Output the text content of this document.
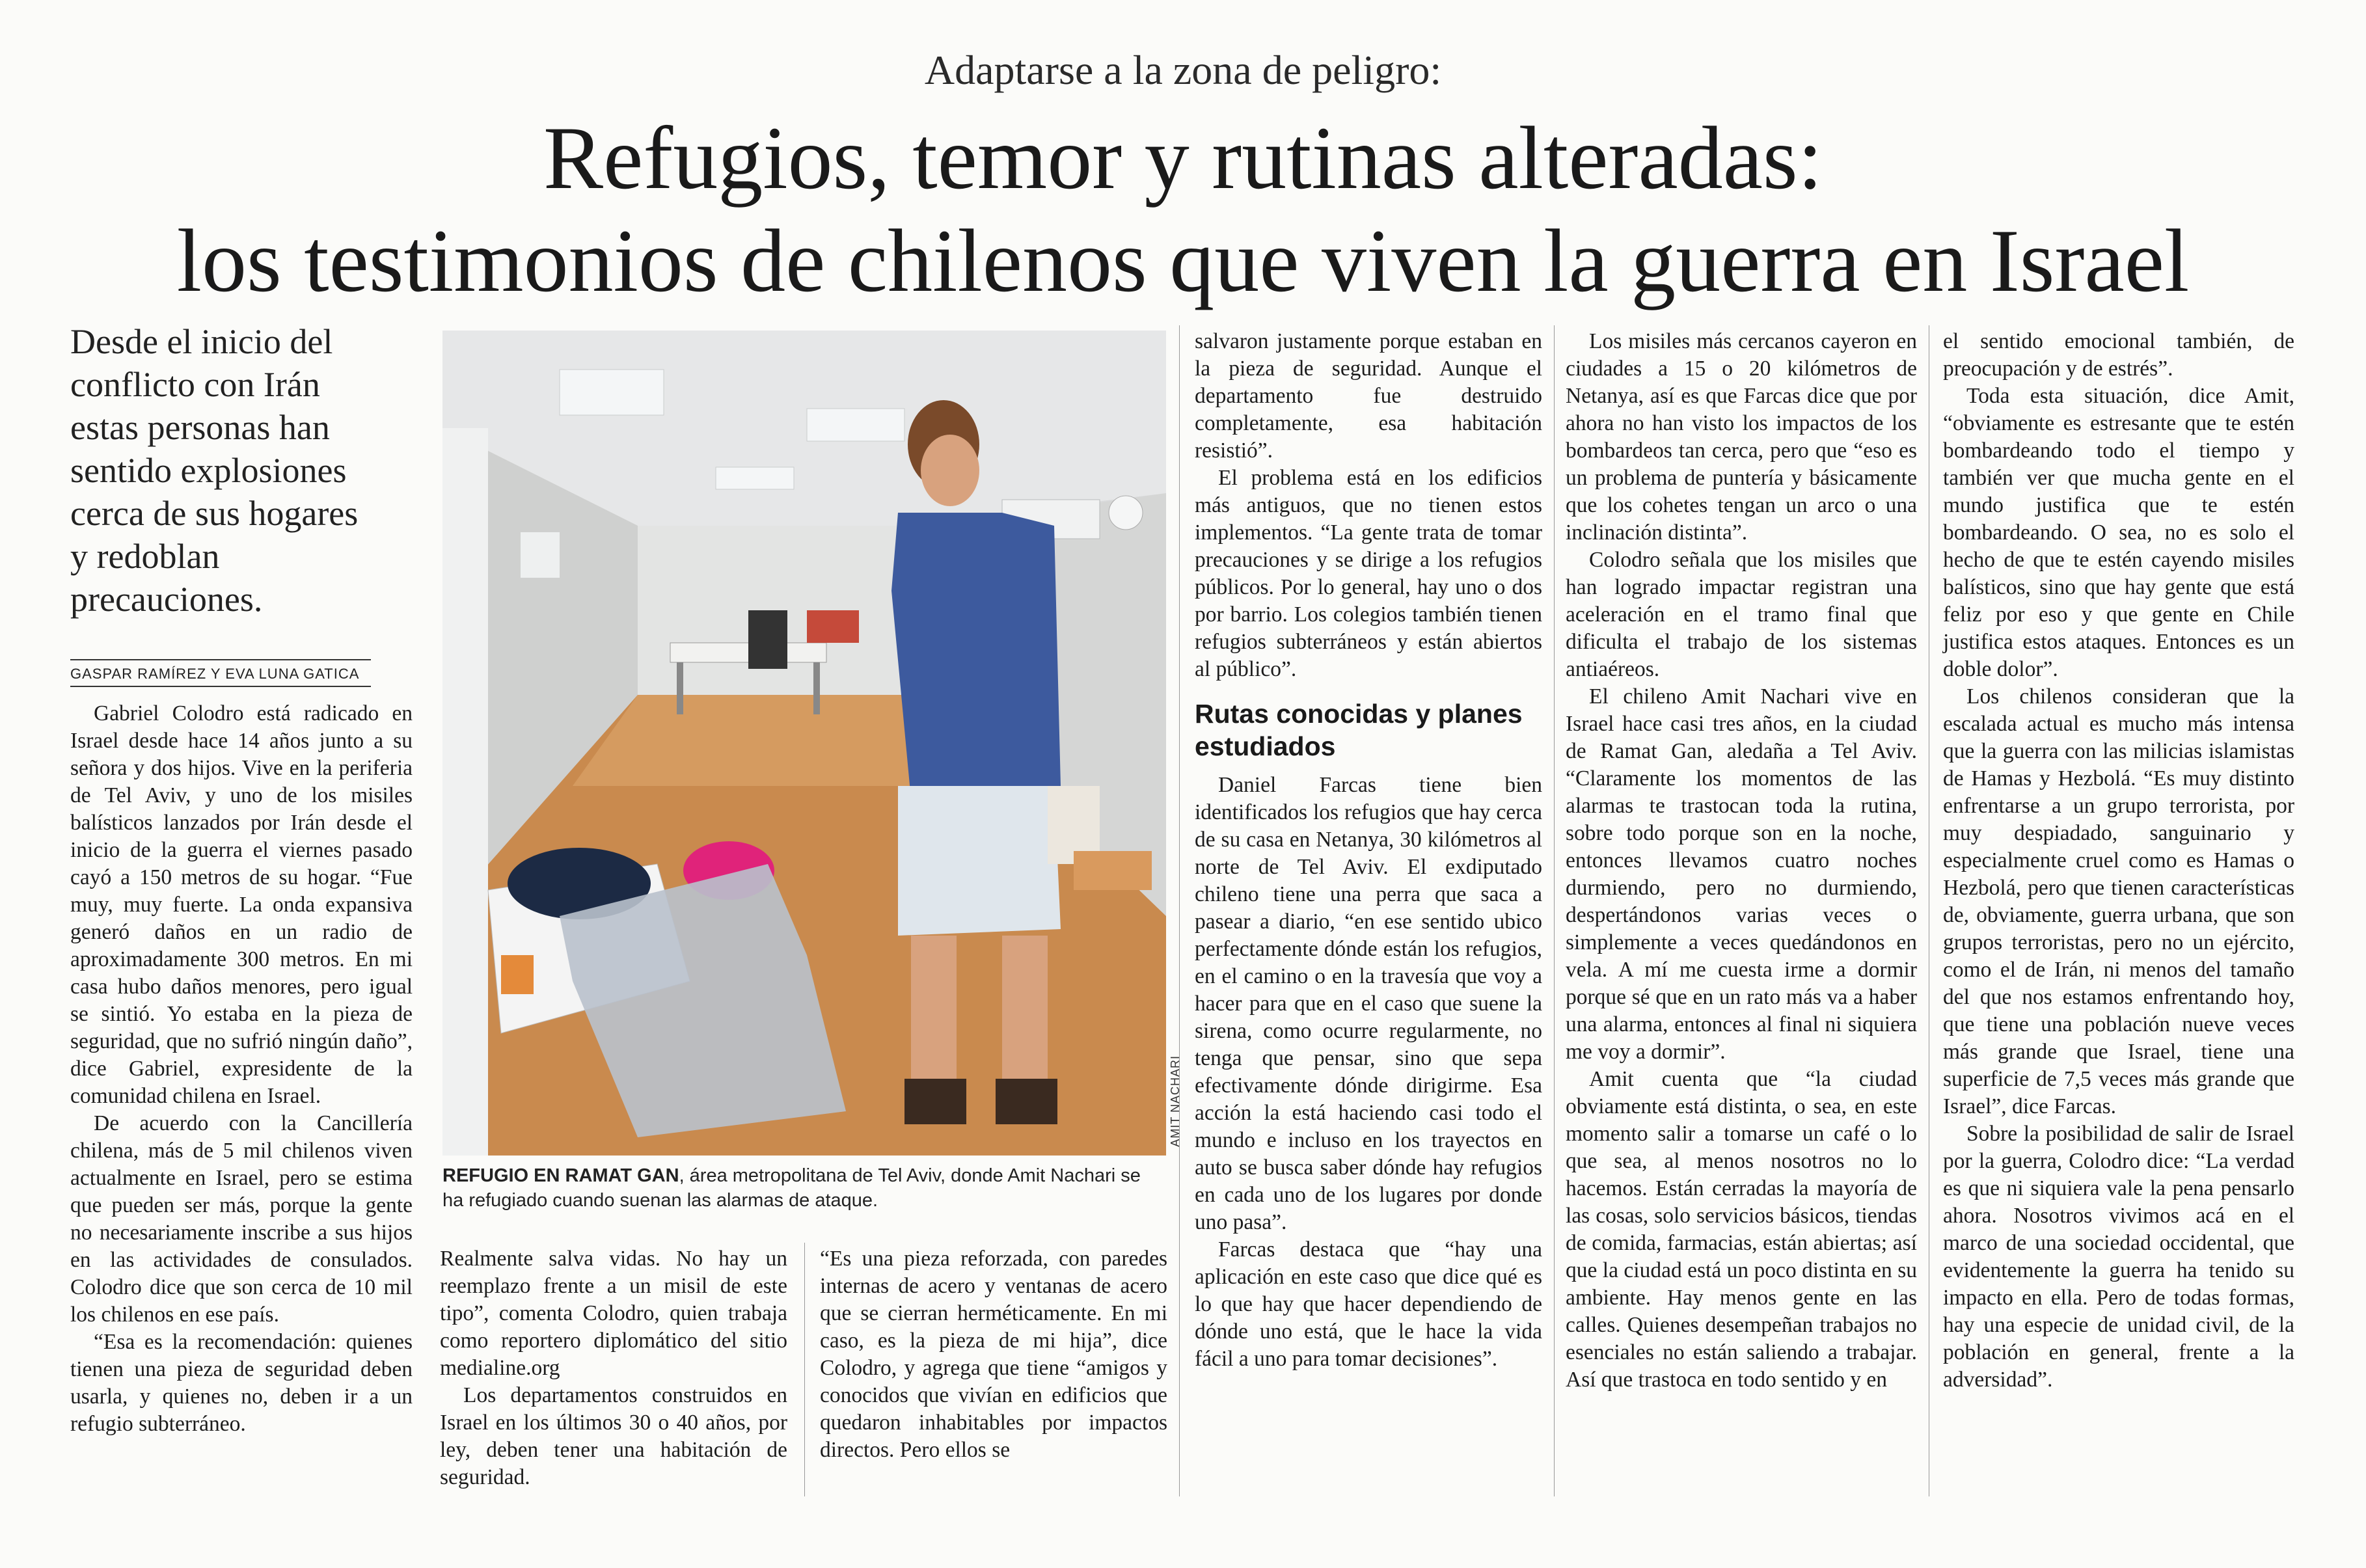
Adaptarse a la zona de peligro:
Refugios, temor y rutinas alteradas:
los testimonios de chilenos que viven la guerra en Israel
Desde el inicio del conflicto con Irán estas personas han sentido explosiones cerca de sus hogares y redoblan precauciones.
GASPAR RAMÍREZ Y EVA LUNA GATICA

Gabriel Colodro está radicado en Israel desde hace 14 años junto a su señora y dos hijos. Vive en la periferia de Tel Aviv, y uno de los misiles balísticos lanzados por Irán desde el inicio de la guerra el viernes pasado cayó a 150 metros de su hogar. “Fue muy, muy fuerte. La onda expansiva generó daños en un radio de aproximadamente 300 metros. En mi casa hubo daños menores, pero igual se sintió. Yo estaba en la pieza de seguridad, que no sufrió ningún daño”, dice Gabriel, expresidente de la comunidad chilena en Israel.

De acuerdo con la Cancillería chilena, más de 5 mil chilenos viven actualmente en Israel, pero se estima que pueden ser más, porque la gente no necesariamente inscribe a sus hijos en las actividades de consulados. Colodro dice que son cerca de 10 mil los chilenos en ese país.

“Esa es la recomendación: quienes tienen una pieza de seguridad deben usarla, y quienes no, deben ir a un refugio subterráneo.

AMIT NACHARI
REFUGIO EN RAMAT GAN, área metropolitana de Tel Aviv, donde Amit Nachari se ha refugiado cuando suenan las alarmas de ataque.

Realmente salva vidas. No hay un reemplazo frente a un misil de este tipo”, comenta Colodro, quien trabaja como reportero diplomático del sitio medialine.org

Los departamentos construidos en Israel en los últimos 30 o 40 años, por ley, deben tener una habitación de seguridad.

“Es una pieza reforzada, con paredes internas de acero y ventanas de acero que se cierran herméticamente. En mi caso, es la pieza de mi hija”, dice Colodro, y agrega que tiene “amigos y conocidos que vivían en edificios que quedaron inhabitables por impactos directos. Pero ellos se

salvaron justamente porque estaban en la pieza de seguridad. Aunque el departamento fue destruido completamente, esa habitación resistió”.

El problema está en los edificios más antiguos, que no tienen estos implementos. “La gente trata de tomar precauciones y se dirige a los refugios públicos. Por lo general, hay uno o dos por barrio. Los colegios también tienen refugios subterráneos y están abiertos al público”.

Rutas conocidas y planes estudiados

Daniel Farcas tiene bien identificados los refugios que hay cerca de su casa en Netanya, 30 kilómetros al norte de Tel Aviv. El exdiputado chileno tiene una perra que saca a pasear a diario, “en ese sentido ubico perfectamente dónde están los refugios, en el camino o en la travesía que voy a hacer para que en el caso que suene la sirena, como ocurre regularmente, no tenga que pensar, sino que sepa efectivamente dónde dirigirme. Esa acción la está haciendo casi todo el mundo e incluso en los trayectos en auto se busca saber dónde hay refugios en cada uno de los lugares por donde uno pasa”.

Farcas destaca que “hay una aplicación en este caso que dice qué es lo que hay que hacer dependiendo de dónde uno está, que le hace la vida fácil a uno para tomar decisiones”.

Los misiles más cercanos cayeron en ciudades a 15 o 20 kilómetros de Netanya, así es que Farcas dice que por ahora no han visto los impactos de los bombardeos tan cerca, pero que “eso es un problema de puntería y básicamente que los cohetes tengan un arco o una inclinación distinta”.

Colodro señala que los misiles que han logrado impactar registran una aceleración en el tramo final que dificulta el trabajo de los sistemas antiaéreos.

El chileno Amit Nachari vive en Israel hace casi tres años, en la ciudad de Ramat Gan, aledaña a Tel Aviv. “Claramente los momentos de las alarmas te trastocan toda la rutina, sobre todo porque son en la noche, entonces llevamos cuatro noches durmiendo, pero no durmiendo, despertándonos varias veces o simplemente a veces quedándonos en vela. A mí me cuesta irme a dormir porque sé que en un rato más va a haber una alarma, entonces al final ni siquiera me voy a dormir”.

Amit cuenta que “la ciudad obviamente está distinta, o sea, en este momento salir a tomarse un café o lo que sea, al menos nosotros no lo hacemos. Están cerradas la mayoría de las cosas, solo servicios básicos, tiendas de comida, farmacias, están abiertas; así que la ciudad está un poco distinta en su ambiente. Hay menos gente en las calles. Quienes desempeñan trabajos no esenciales no están saliendo a trabajar. Así que trastoca en todo sentido y en

el sentido emocional también, de preocupación y de estrés”.

Toda esta situación, dice Amit, “obviamente es estresante que te estén bombardeando todo el tiempo y también ver que mucha gente en el mundo justifica que te estén bombardeando. O sea, no es solo el hecho de que te estén cayendo misiles balísticos, sino que hay gente que está feliz por eso y que gente en Chile justifica estos ataques. Entonces es un doble dolor”.

Los chilenos consideran que la escalada actual es mucho más intensa que la guerra con las milicias islamistas de Hamas y Hezbolá. “Es muy distinto enfrentarse a un grupo terrorista, por muy despiadado, sanguinario y especialmente cruel como es Hamas o Hezbolá, pero que tienen características de, obviamente, guerra urbana, que son grupos terroristas, pero no un ejército, como el de Irán, ni menos del tamaño del que nos estamos enfrentando hoy, que tiene una población nueve veces más grande que Israel, tiene una superficie de 7,5 veces más grande que Israel”, dice Farcas.

Sobre la posibilidad de salir de Israel por la guerra, Colodro dice: “La verdad es que ni siquiera vale la pena pensarlo ahora. Nosotros vivimos acá en el marco de una sociedad occidental, que evidentemente la guerra ha tenido su impacto en ella. Pero de todas formas, hay una especie de unidad civil, de la población en general, frente a la adversidad”.
